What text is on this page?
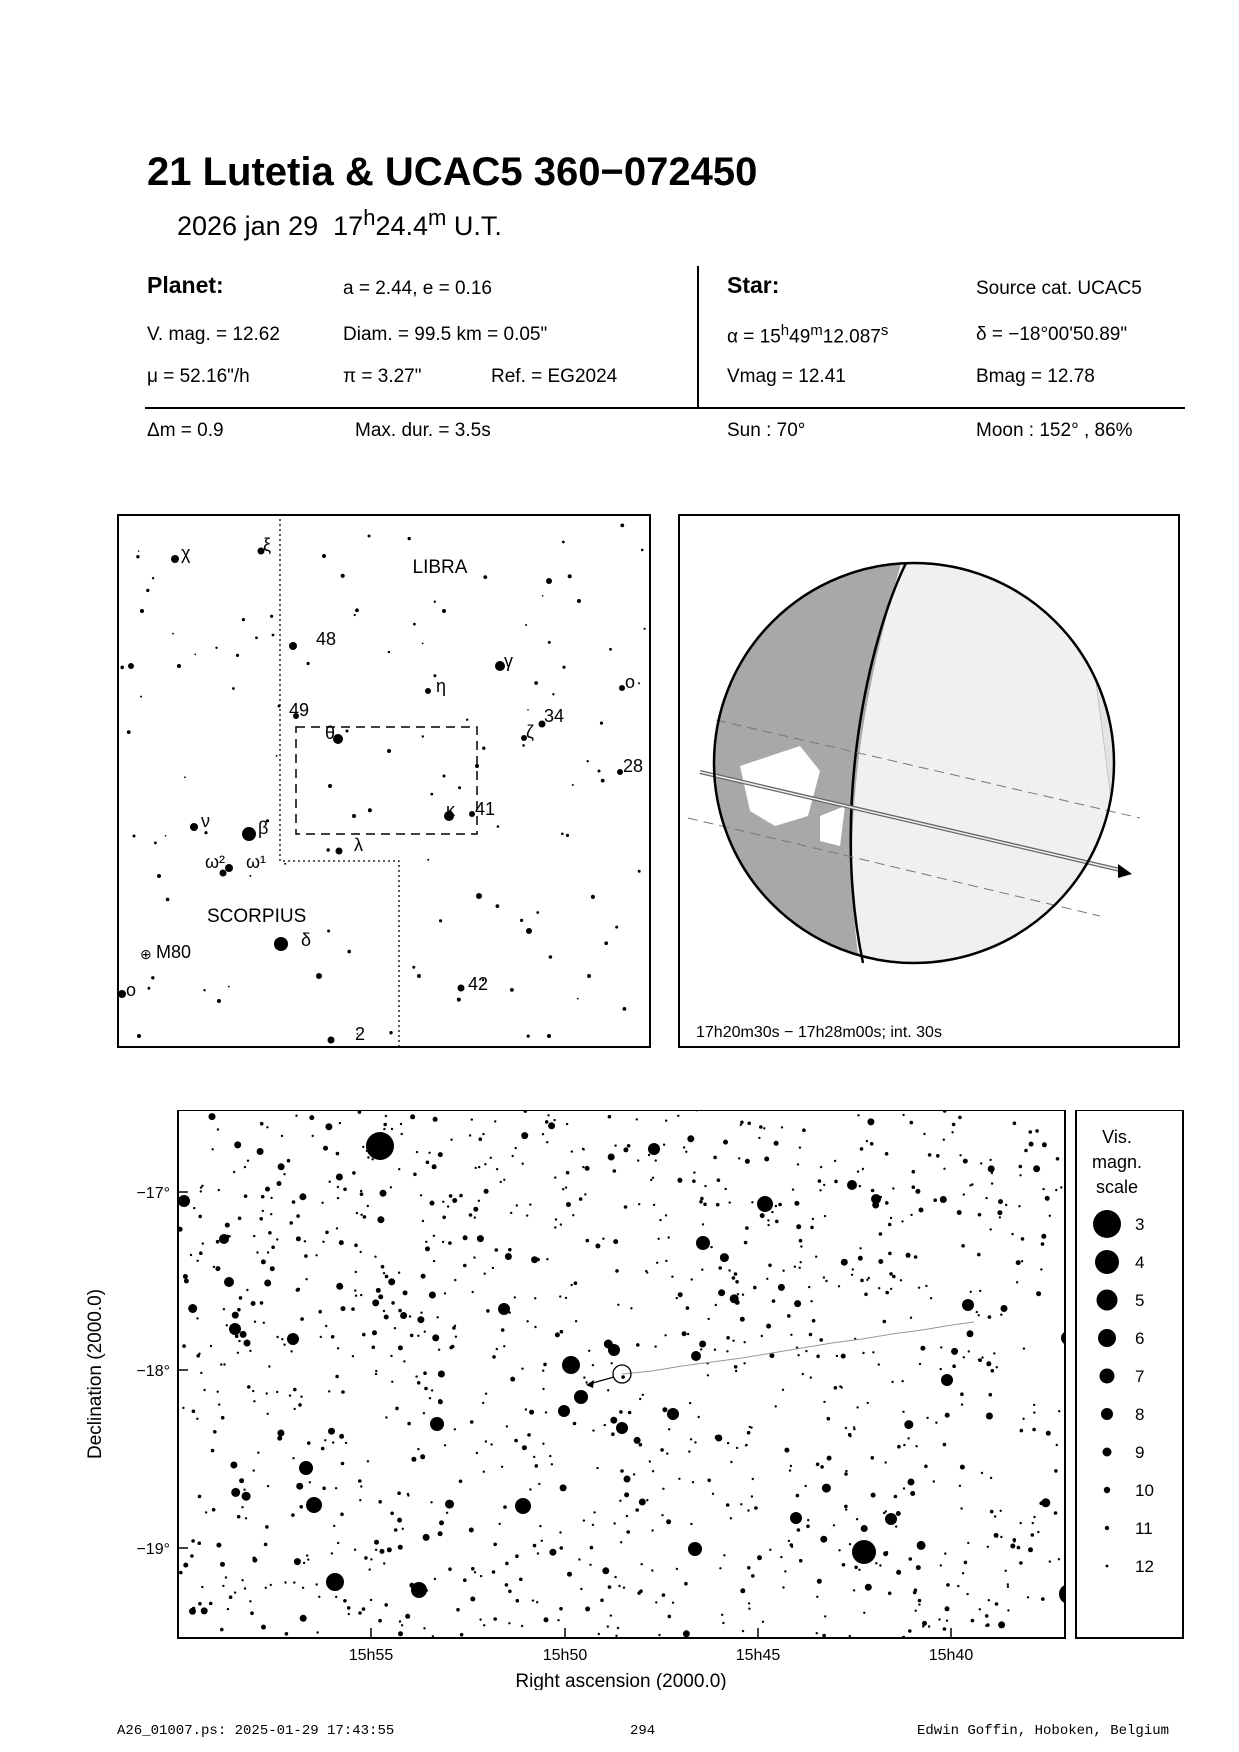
21 Lutetia & UCAC5 360−072450
2026 jan 29 17$^h$24.4$^m$ U.T.
Planet:	a = 2.44, e = 0.16
V. mag. = 12.62	Diam. = 99.5 km = 0.05"
μ = 52.16"/h	π = 3.27"	Ref. = EG2024
Star:	Source cat. UCAC5
$\alpha = 15^h49^m12.087^s$	δ = −18°00'50.89"
Vmag = 12.41	Bmag = 12.78
Δm = 0.9	Max. dur. = 3.5s	Sun : 70°	Moon : 152° , 86%
LIBRA
SCORPIUS
χ	ξ
48
γ
η	o
49
θ	ζ
34
28
κ 41
ν	β
λ
ω² ω¹
δ
⊕ M80
o	42
2	17h20m30s − 17h28m00s; int. 30s
−17°
−18°
−19°
15h55	15h50	15h45	15h40
Right ascension (2000.0)
Declination (2000.0)
Vis.
magn.
scale
3
4
5
6
7
8
9
10
11
12
A26_01007.ps: 2025-01-29 17:43:55	294	Edwin Goffin, Hoboken, Belgium
